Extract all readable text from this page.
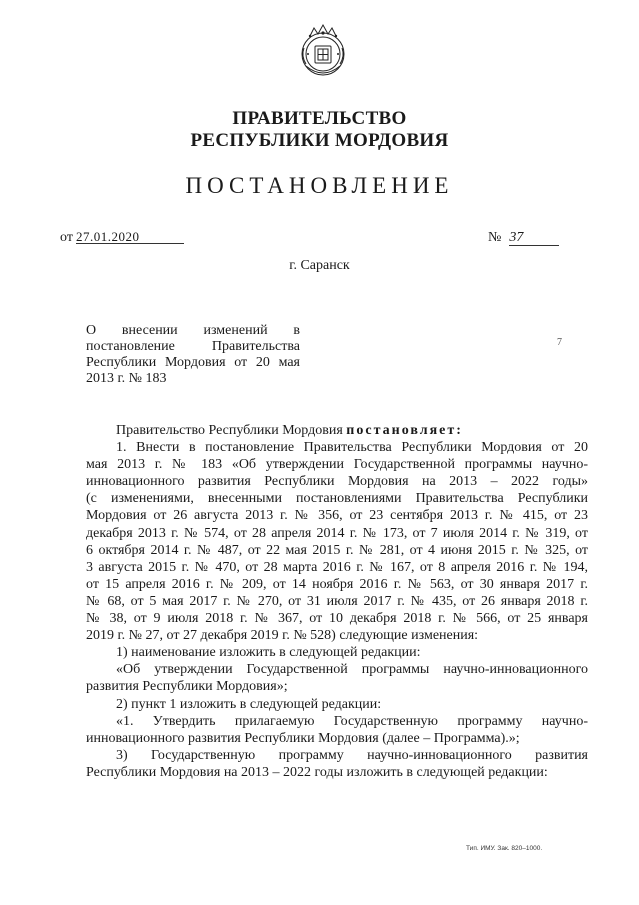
ПРАВИТЕЛЬСТВО
РЕСПУБЛИКИ МОРДОВИЯ
ПОСТАНОВЛЕНИЕ
от 27.01.2020	№ 37
г. Саранск
О внесении изменений в
постановление Правительства
Республики Мордовия от 20 мая
2013 г. № 183
7
Правительство Республики Мордовия постановляет:
1. Внести в постановление Правительства Республики Мордовия от 20
мая 2013 г. № 183 «Об утверждении Государственной программы научно-
инновационного развития Республики Мордовия на 2013 – 2022 годы»
(с изменениями, внесенными постановлениями Правительства Республики
Мордовия от 26 августа 2013 г. № 356, от 23 сентября 2013 г. № 415, от 23
декабря 2013 г. № 574, от 28 апреля 2014 г. № 173, от 7 июля 2014 г. № 319, от
6 октября 2014 г. № 487, от 22 мая 2015 г. № 281, от 4 июня 2015 г. № 325, от
3 августа 2015 г. № 470, от 28 марта 2016 г. № 167, от 8 апреля 2016 г. № 194,
от 15 апреля 2016 г. № 209, от 14 ноября 2016 г. № 563, от 30 января 2017 г.
№ 68, от 5 мая 2017 г. № 270, от 31 июля 2017 г. № 435, от 26 января 2018 г.
№ 38, от 9 июля 2018 г. № 367, от 10 декабря 2018 г. № 566, от 25 января
2019 г. № 27, от 27 декабря 2019 г. № 528) следующие изменения:
1) наименование изложить в следующей редакции:
«Об утверждении Государственной программы научно-инновационного
развития Республики Мордовия»;
2) пункт 1 изложить в следующей редакции:
«1. Утвердить прилагаемую Государственную программу научно-
инновационного развития Республики Мордовия (далее – Программа).»;
3) Государственную программу научно-инновационного развития
Республики Мордовия на 2013 – 2022 годы изложить в следующей редакции:
Тип. ИМУ. Зак. 820–1000.
